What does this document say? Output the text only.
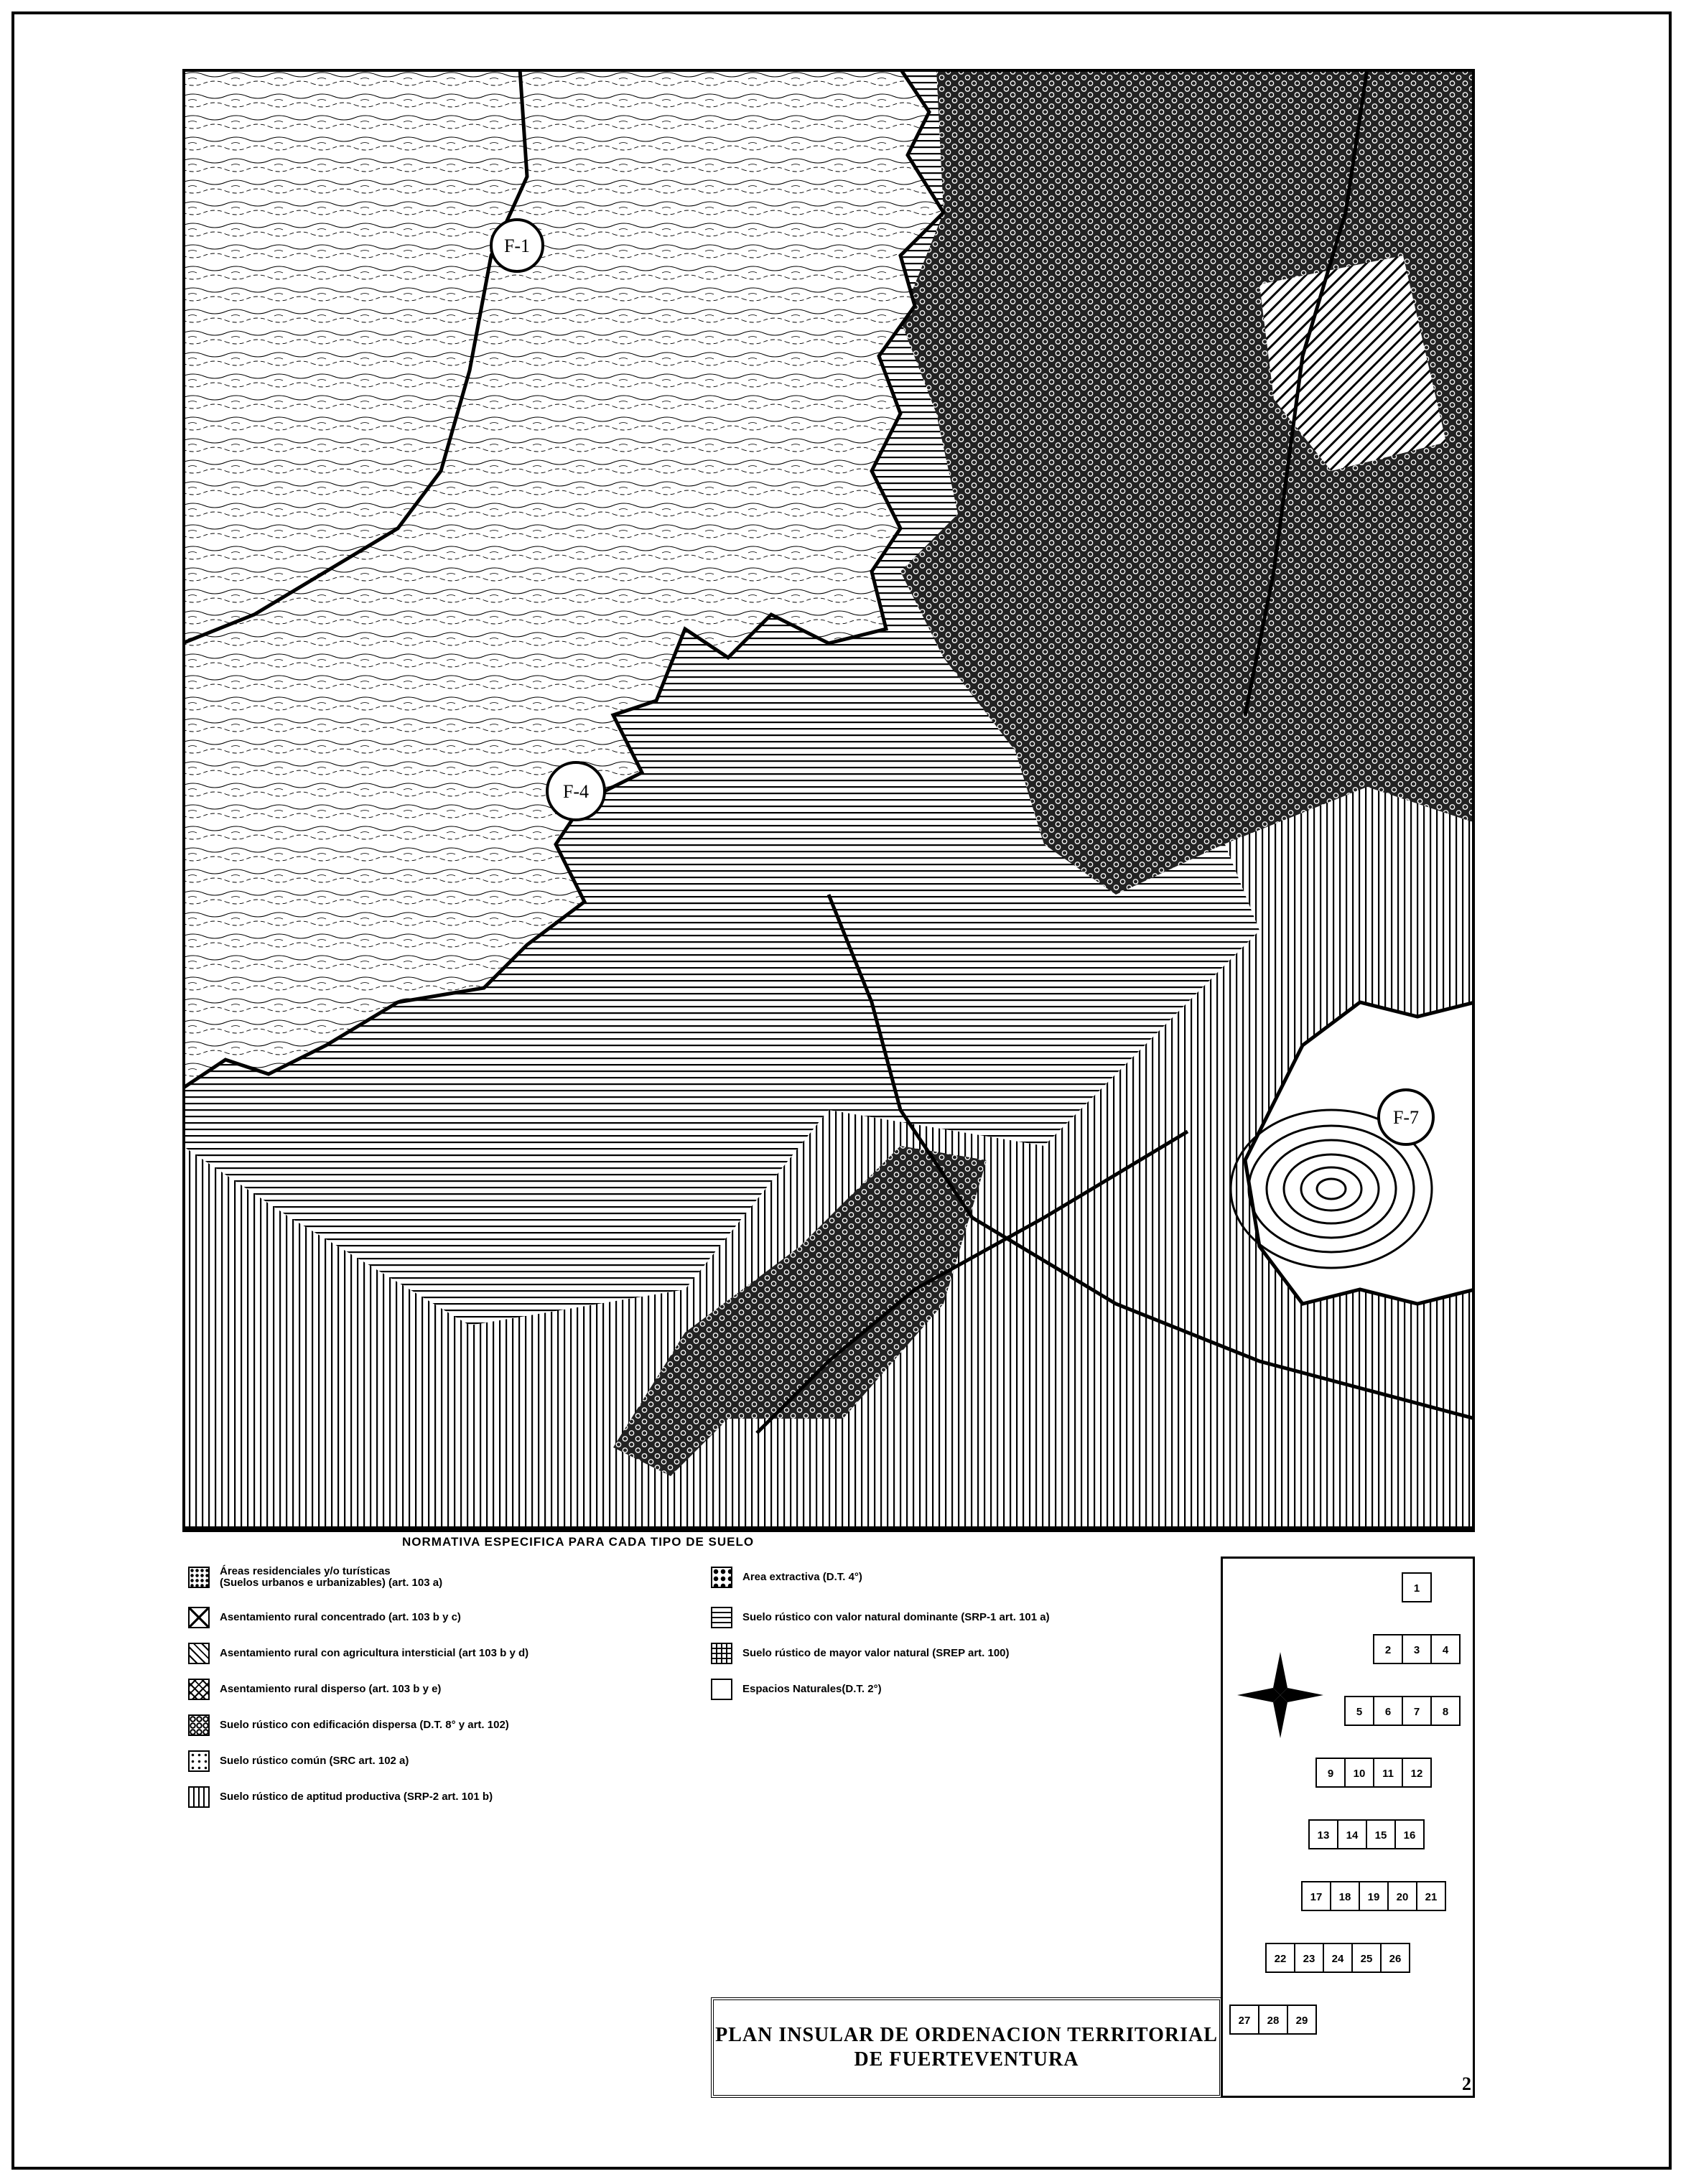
F-1
F-4
F-7
NORMATIVA ESPECIFICA PARA CADA TIPO DE SUELO
Áreas residenciales y/o turísticas
(Suelos urbanos e urbanizables) (art. 103 a)
Asentamiento rural concentrado (art. 103 b y c)
Asentamiento rural con agricultura intersticial (art 103 b y d)
Asentamiento rural disperso (art. 103 b y e)
Suelo rústico con edificación dispersa (D.T. 8° y art. 102)
Suelo rústico común (SRC art. 102 a)
Suelo rústico de aptitud productiva (SRP-2 art. 101 b)
Area extractiva (D.T. 4°)
Suelo rústico con valor natural dominante (SRP-1 art. 101 a)
Suelo rústico de mayor valor natural (SREP art. 100)
Espacios Naturales(D.T. 2°)
PLAN INSULAR DE ORDENACION TERRITORIAL
DE FUERTEVENTURA
1
2 3 4
5 6 7 8
9 10 11 12
13 14 15 16
17 18 19 20 21
22 23 24 25 26
27 28 29
2
